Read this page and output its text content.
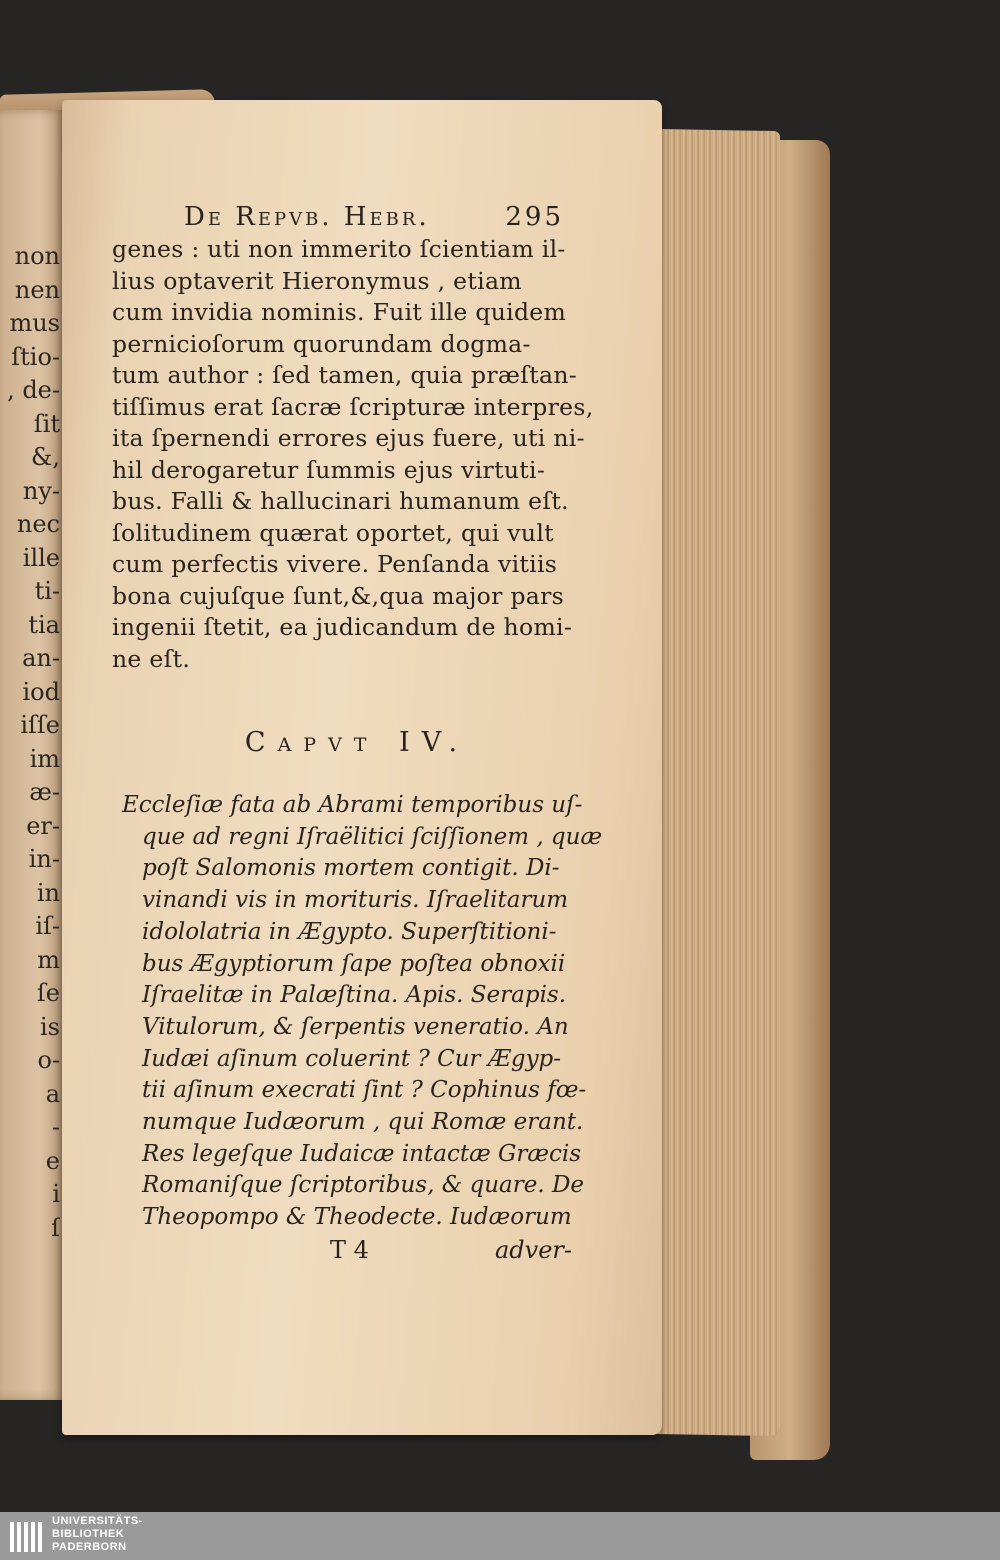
non
nen
mus
ſtio-
, de-
ſit
&,
ny-
nec
ille
ti-
tia
an-
iod
iſſe
im
æ-
er-
in-
in
iſ-
m
ſe
is
o-
a
-
e
i
ſ
De Repvb. Hebr.	295
genes : uti non immerito ſcientiam il-
lius optaverit Hieronymus , etiam
cum invidia nominis. Fuit ille quidem
pernicioſorum quorundam dogma-
tum author : ſed tamen, quia præſtan-
tiſſimus erat ſacræ ſcripturæ interpres,
ita ſpernendi errores ejus fuere, uti ni-
hil derogaretur ſummis ejus virtuti-
bus. Falli & hallucinari humanum eſt.
ſolitudinem quærat oportet, qui vult
cum perfectis vivere. Penſanda vitiis
bona cujuſque ſunt,&,qua major pars
ingenii ſtetit, ea judicandum de homi-
ne eſt.
Capvt IV.
Eccleſiæ fata ab Abrami temporibus uſ-
que ad regni Iſraëlitici ſciſſionem , quæ
poſt Salomonis mortem contigit. Di-
vinandi vis in morituris. Iſraelitarum
idololatria in Ægypto. Superſtitioni-
bus Ægyptiorum ſape poſtea obnoxii
Iſraelitæ in Palæſtina. Apis. Serapis.
Vitulorum, & ſerpentis veneratio. An
Iudæi aſinum coluerint ? Cur Ægyp-
tii aſinum execrati ſint ? Cophinus fœ-
numque Iudæorum , qui Romæ erant.
Res legeſque Iudaicæ intactæ Græcis
Romaniſque ſcriptoribus, & quare. De
Theopompo & Theodecte. Iudæorum
T 4	adver-
UNIVERSITÄTS-
BIBLIOTHEK
PADERBORN
